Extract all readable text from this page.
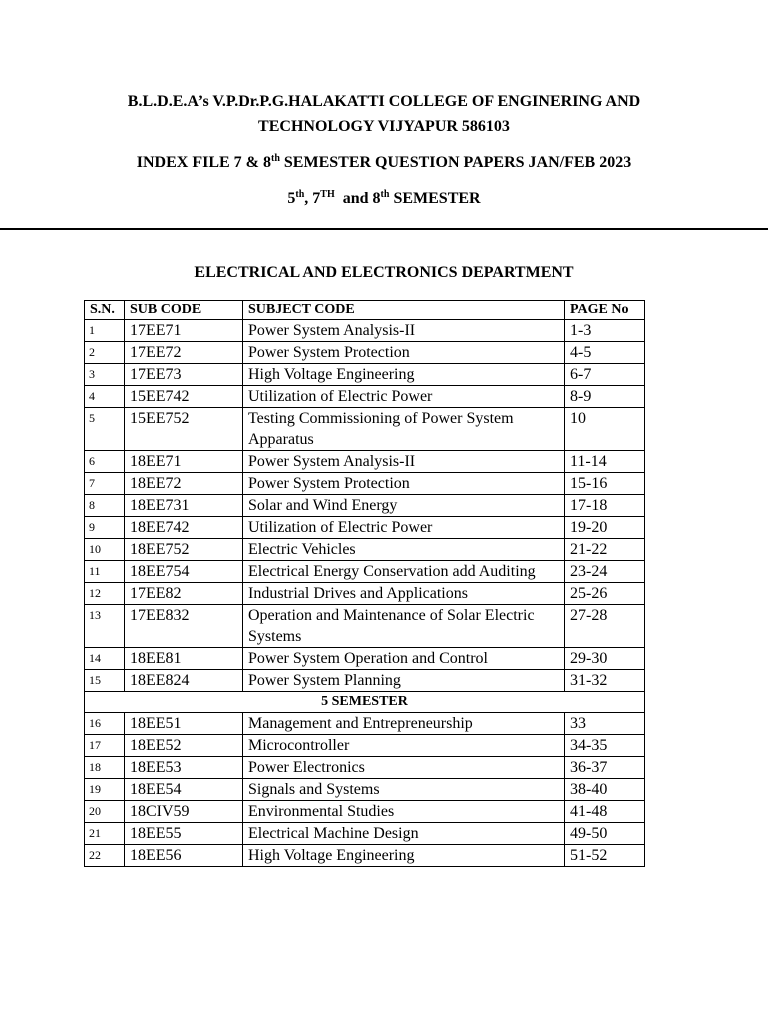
B.L.D.E.A’s V.P.Dr.P.G.HALAKATTI COLLEGE OF ENGINERING AND

TECHNOLOGY VIJYAPUR 586103

INDEX FILE 7 & 8th SEMESTER QUESTION PAPERS JAN/FEB 2023

5th, 7TH  and 8th SEMESTER

ELECTRICAL AND ELECTRONICS DEPARTMENT

S.N.	SUB CODE	SUBJECT CODE	PAGE No
1	17EE71	Power System Analysis-II	1-3
2	17EE72	Power System Protection	4-5
3	17EE73	High Voltage Engineering	6-7
4	15EE742	Utilization of Electric Power	8-9
5	15EE752	Testing Commissioning of Power System Apparatus	10
6	18EE71	Power System Analysis-II	11-14
7	18EE72	Power System Protection	15-16
8	18EE731	Solar and Wind Energy	17-18
9	18EE742	Utilization of Electric Power	19-20
10	18EE752	Electric Vehicles	21-22
11	18EE754	Electrical Energy Conservation add Auditing	23-24
12	17EE82	Industrial Drives and Applications	25-26
13	17EE832	Operation and Maintenance of Solar Electric Systems	27-28
14	18EE81	Power System Operation and Control	29-30
15	18EE824	Power System Planning	31-32
5 SEMESTER			
16	18EE51	Management and Entrepreneurship	33
17	18EE52	Microcontroller	34-35
18	18EE53	Power Electronics	36-37
19	18EE54	Signals and Systems	38-40
20	18CIV59	Environmental Studies	41-48
21	18EE55	Electrical Machine Design	49-50
22	18EE56	High Voltage Engineering	51-52
